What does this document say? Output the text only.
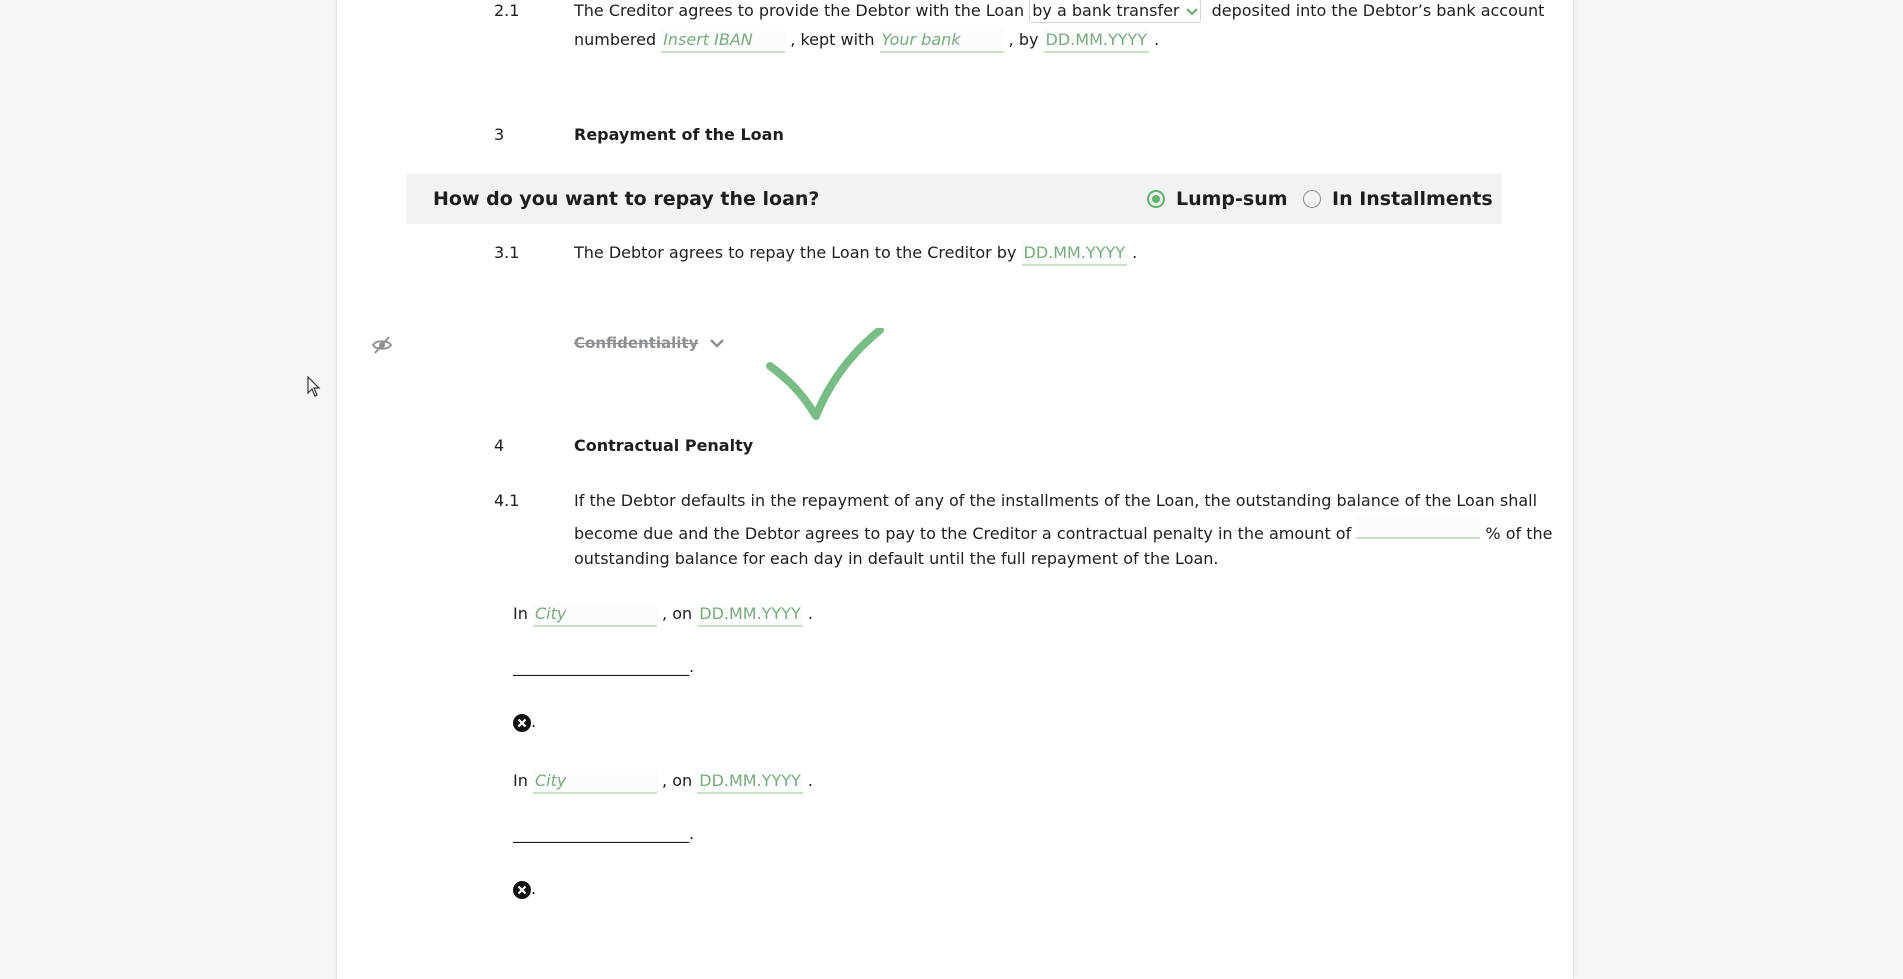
2.1	The Creditor agrees to provide the Debtor with the Loan by a bank transfer deposited into the Debtor’s bank account
numbered Insert IBAN , kept with Your bank	, by DD.MM.YYYY .
3	Repayment of the Loan
How do you want to repay the loan?	Lump-sum In Installments
3.1	The Debtor agrees to repay the Loan to the Creditor by DD.MM.YYYY .
Confidentiality
4	Contractual Penalty
4.1	If the Debtor defaults in the repayment of any of the installments of the Loan, the outstanding balance of the Loan shall
become due and the Debtor agrees to pay to the Creditor a contractual penalty in the amount of	% of the
outstanding balance for each day in default until the full repayment of the Loan.
In City	, on DD.MM.YYYY .
______________________.
.
In City	, on DD.MM.YYYY .
______________________.
.
